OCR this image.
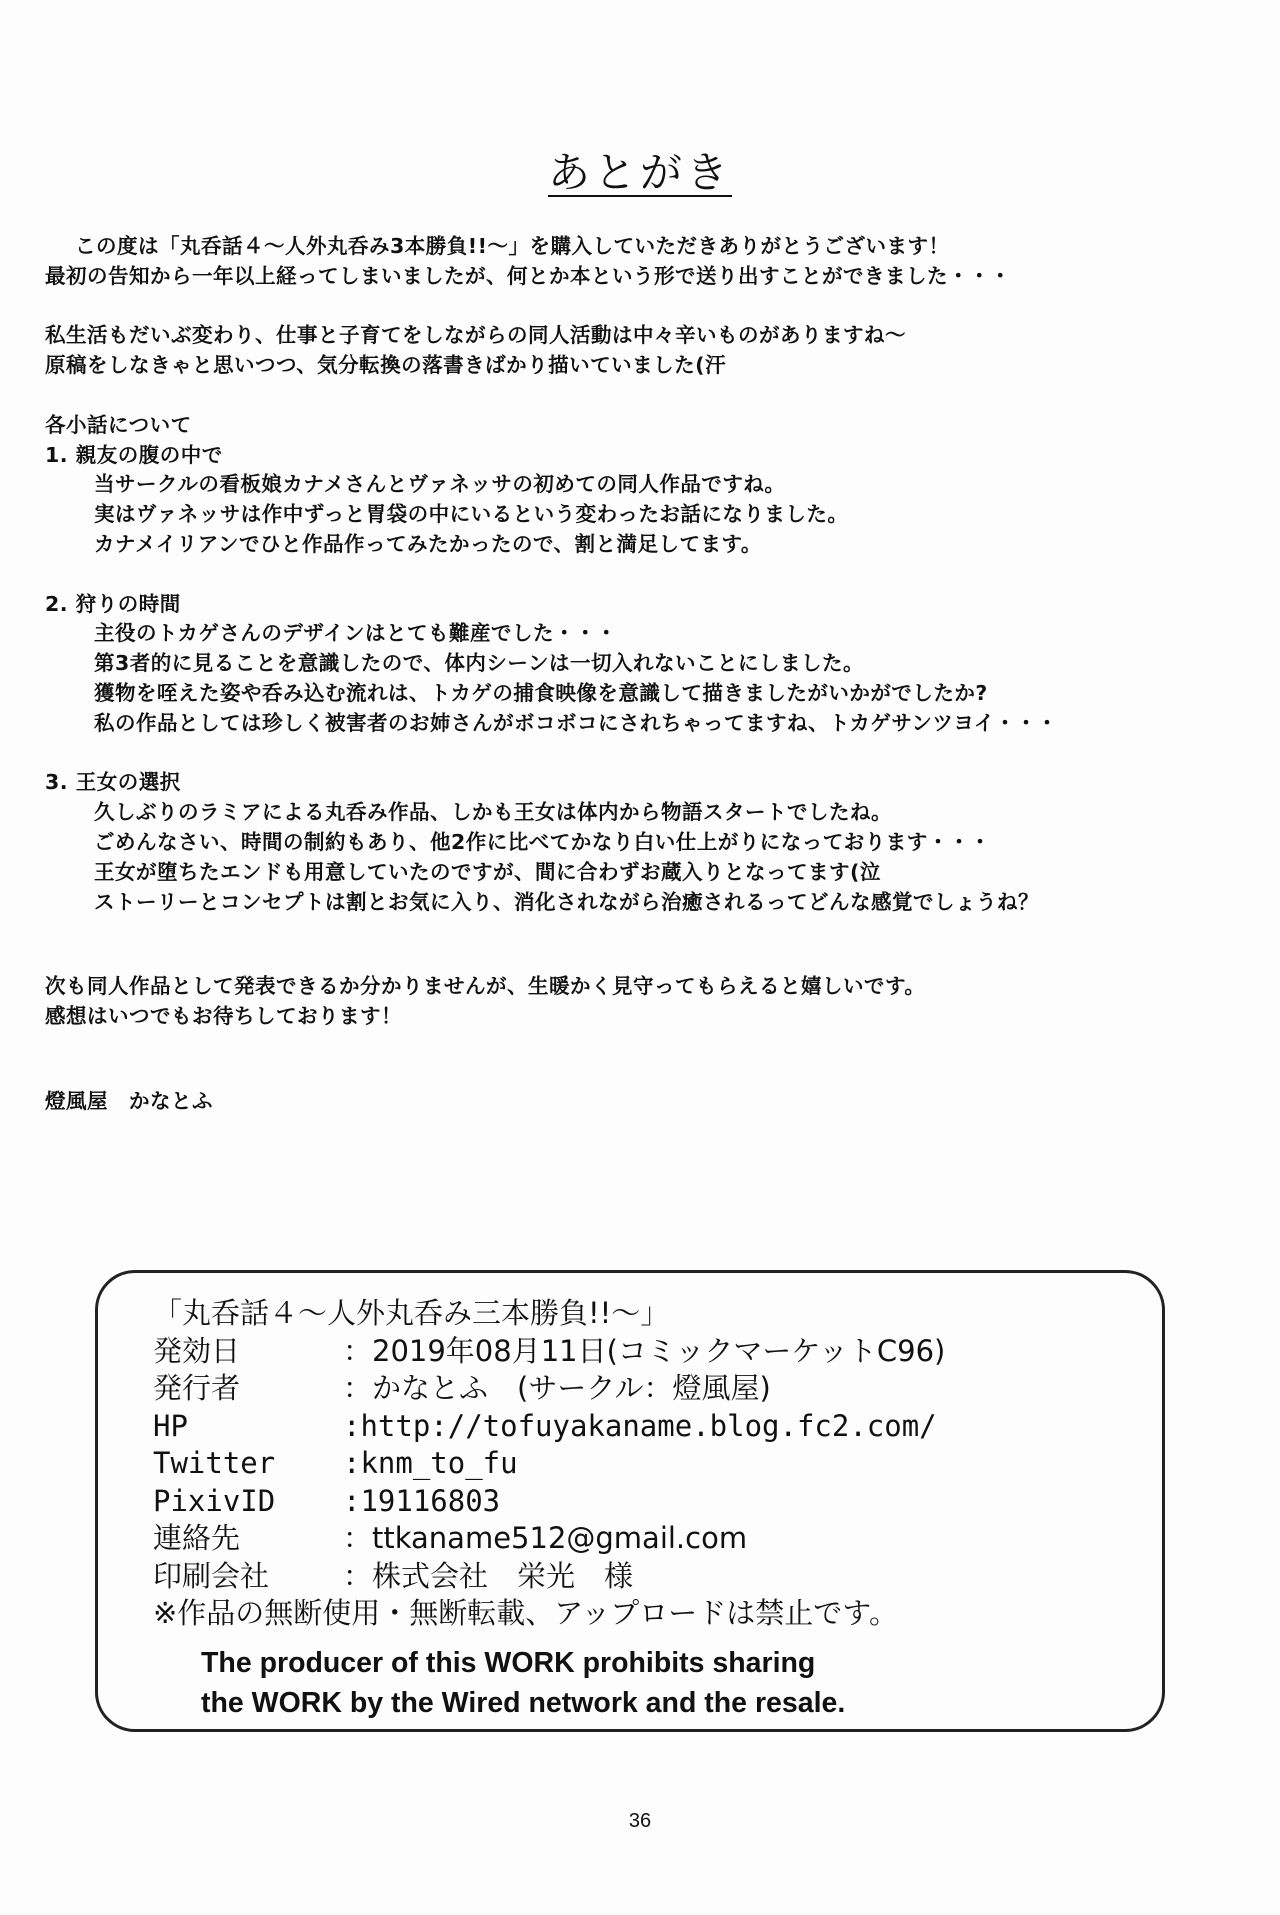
あとがき
この度は「丸呑話４～人外丸呑み3本勝負!!～」を購入していただきありがとうございます！
最初の告知から一年以上経ってしまいましたが、何とか本という形で送り出すことができました・・・
私生活もだいぶ変わり、仕事と子育てをしながらの同人活動は中々辛いものがありますね～
原稿をしなきゃと思いつつ、気分転換の落書きばかり描いていました(汗
各小話について
1. 親友の腹の中で
当サークルの看板娘カナメさんとヴァネッサの初めての同人作品ですね。
実はヴァネッサは作中ずっと胃袋の中にいるという変わったお話になりました。
カナメイリアンでひと作品作ってみたかったので、割と満足してます。
2. 狩りの時間
主役のトカゲさんのデザインはとても難産でした・・・
第3者的に見ることを意識したので、体内シーンは一切入れないことにしました。
獲物を咥えた姿や呑み込む流れは、トカゲの捕食映像を意識して描きましたがいかがでしたか?
私の作品としては珍しく被害者のお姉さんがボコボコにされちゃってますね、トカゲサンツヨイ・・・
3. 王女の選択
久しぶりのラミアによる丸呑み作品、しかも王女は体内から物語スタートでしたね。
ごめんなさい、時間の制約もあり、他2作に比べてかなり白い仕上がりになっております・・・
王女が堕ちたエンドも用意していたのですが、間に合わずお蔵入りとなってます(泣
ストーリーとコンセプトは割とお気に入り、消化されながら治癒されるってどんな感覚でしょうね？
次も同人作品として発表できるか分かりませんが、生暖かく見守ってもらえると嬉しいです。
感想はいつでもお待ちしております！
燈風屋　かなとふ
「丸呑話４～人外丸呑み三本勝負!!～」
発効日	：2019年08月11日(コミックマーケットC96)
発行者	：かなとふ　(サークル：燈風屋)
HP	:http://tofuyakaname.blog.fc2.com/
Twitter	:knm_to_fu
PixivID	:19116803
連絡先	：ttkaname512@gmail.com
印刷会社	：株式会社　栄光　様
※作品の無断使用・無断転載、アップロードは禁止です。
The producer of this WORK prohibits sharing
the WORK by the Wired network and the resale.
36
